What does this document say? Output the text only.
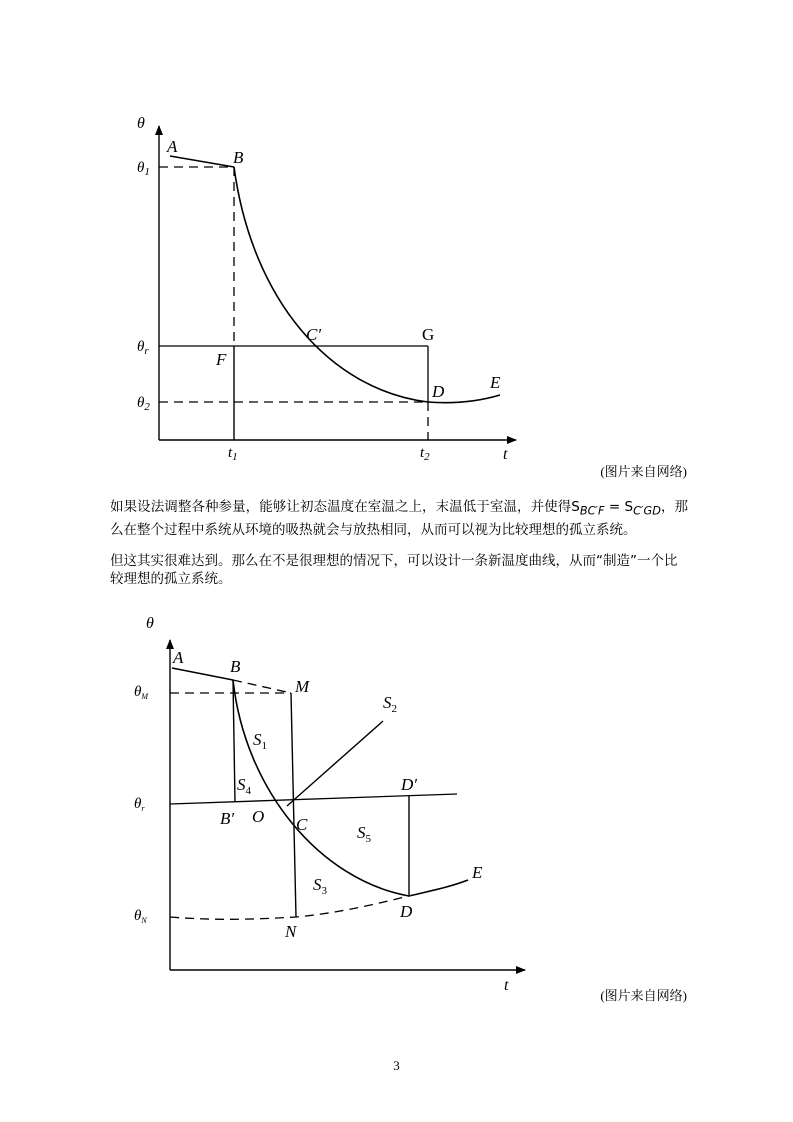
θ
t
A
B
C′	G
F
D	E
$\theta_1$
$\theta_r$
$\theta_2$
$t_1$	$t_2$
(图片来自网络)
如果设法调整各种参量，能够让初态温度在室温之上，末温低于室温，并使得$S_{BC'F} = S_{C'GD}$，那么在整个过程中系统从环境的吸热就会与放热相同，从而可以视为比较理想的孤立系统。
但这其实很难达到。那么在不是很理想的情况下，可以设计一条新温度曲线，从而“制造”一个比较理想的孤立系统。
θ
t
A	B
M
$S_2$
$S_1$
$S_4$	D′
B′ O C	$S_5$
$S_3$
E
D
N
$\theta_M$
$\theta_r$
$\theta_N$
(图片来自网络)
3
